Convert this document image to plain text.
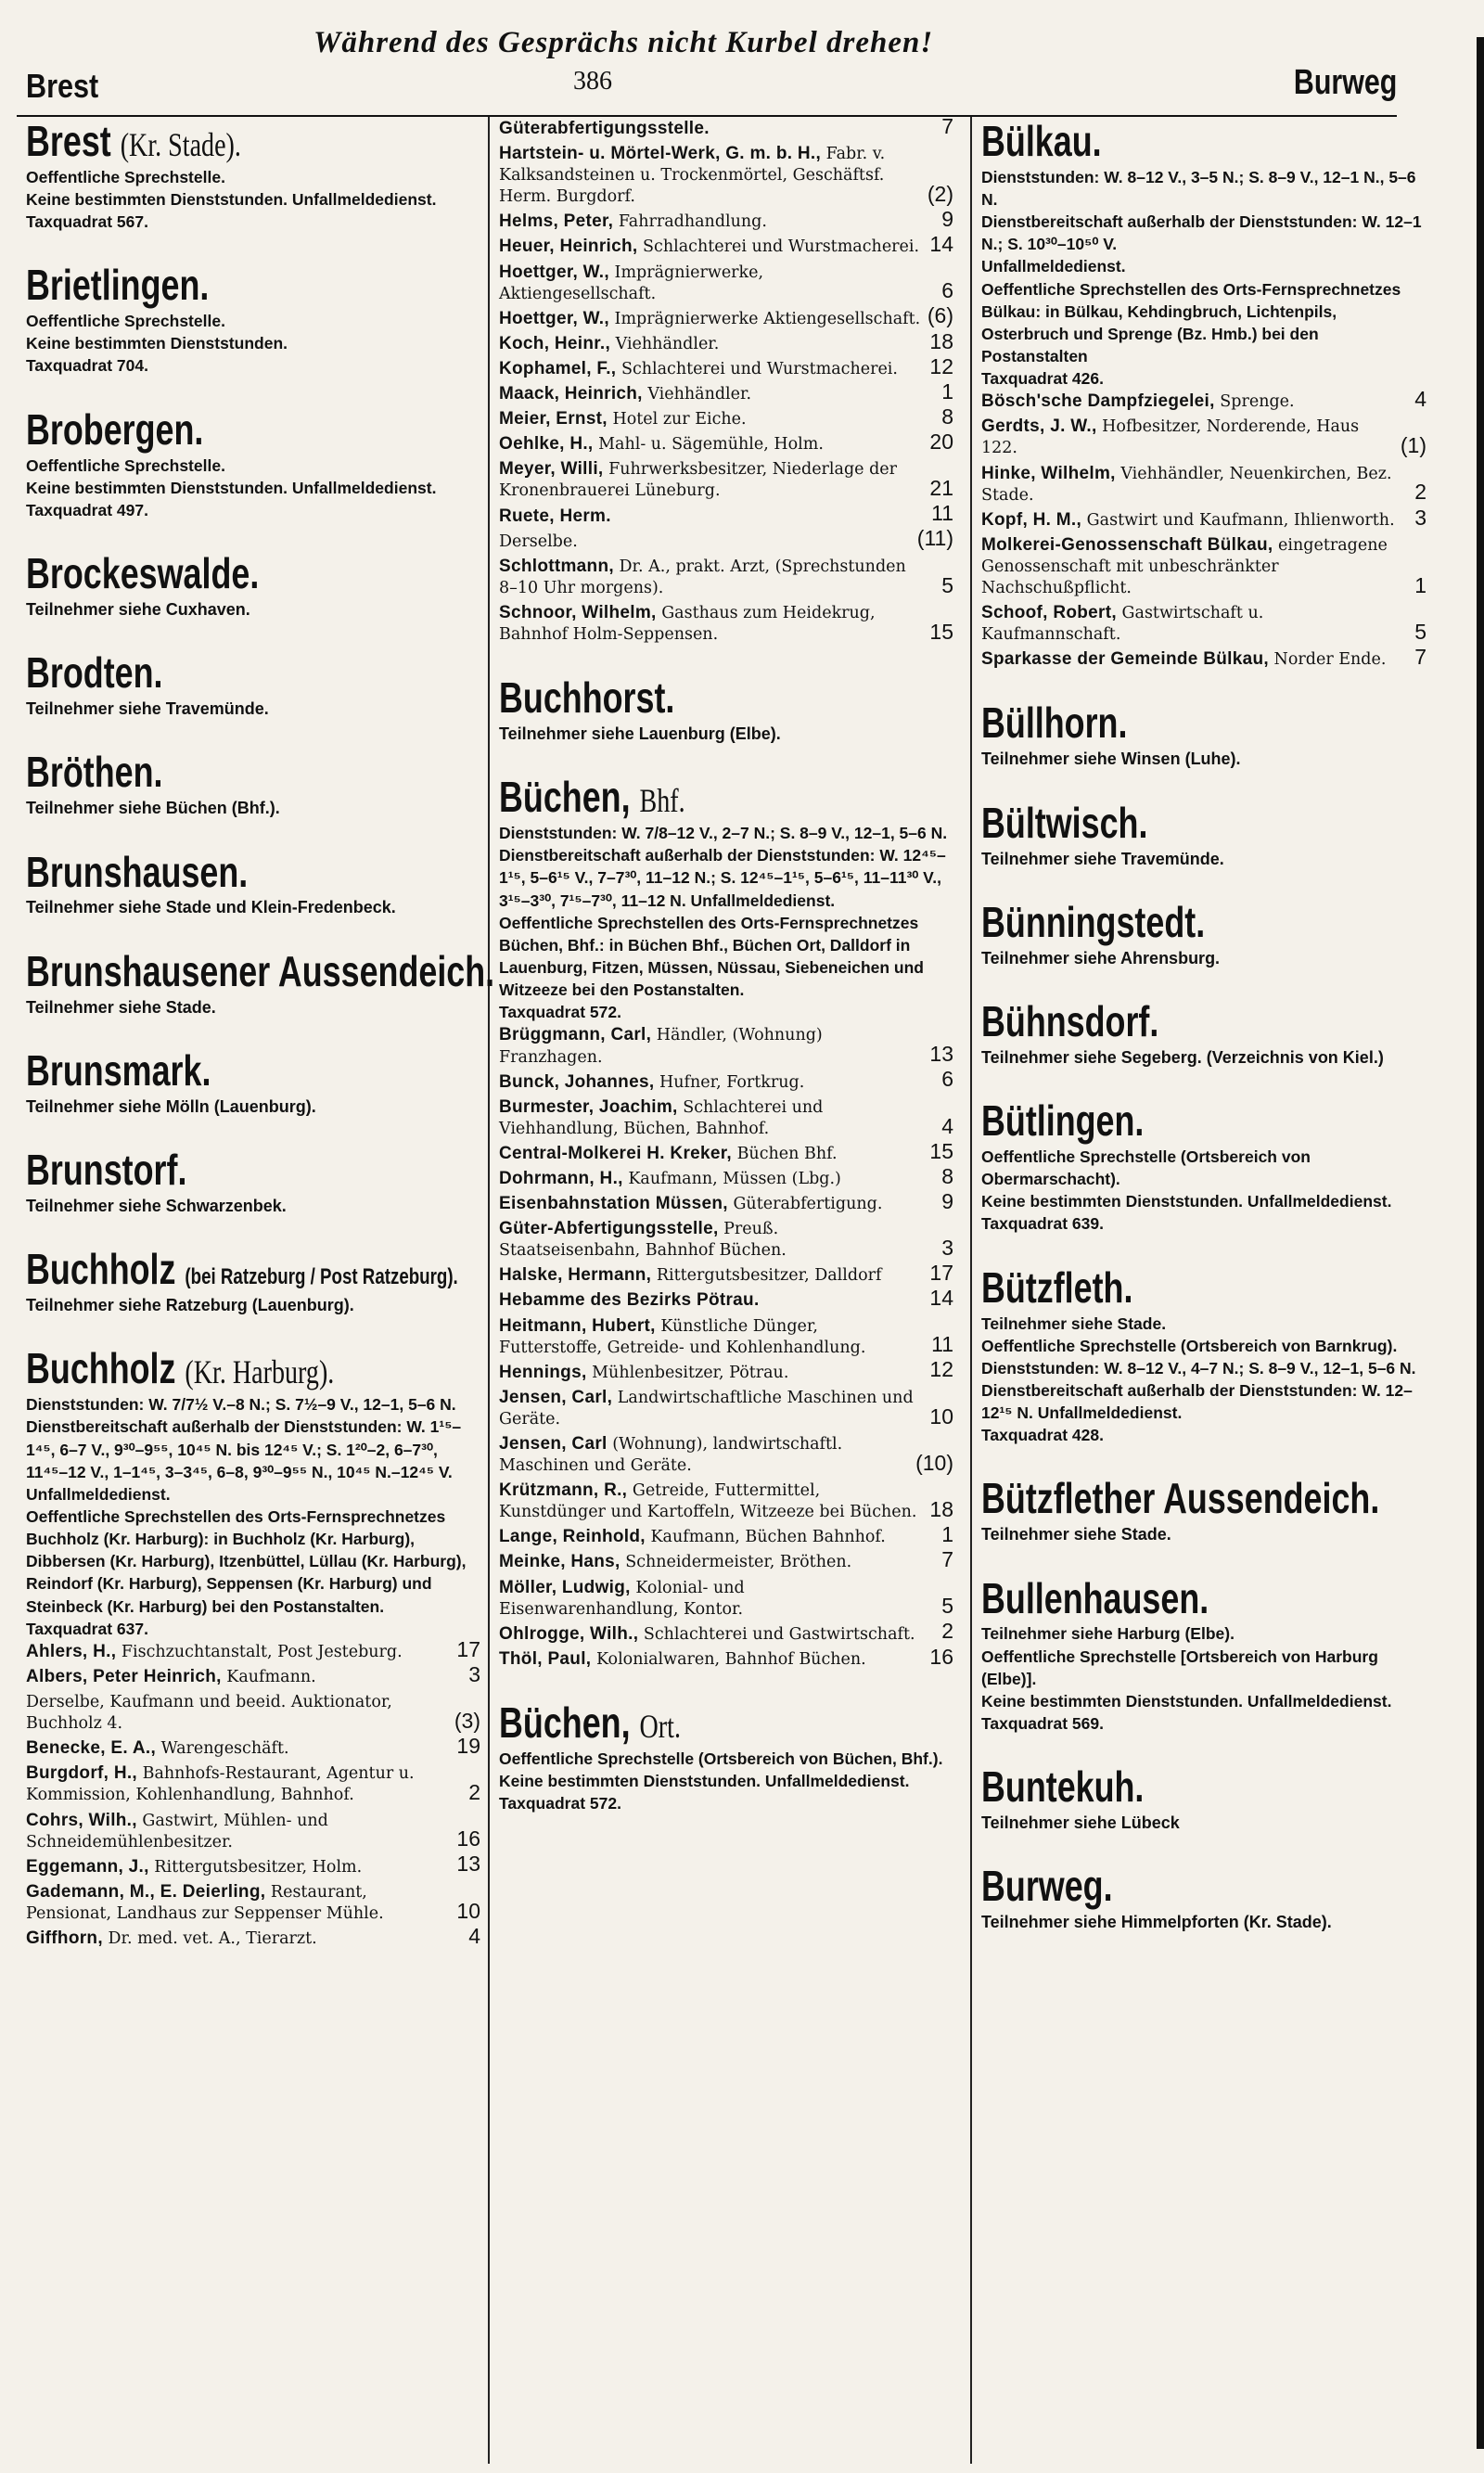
Brest
Während des Gesprächs nicht Kurbel drehen!
386	Burweg
Brest (Kr. Stade).
Oeffentliche Sprechstelle.
Keine bestimmten Dienststunden. Unfallmeldedienst.
Taxquadrat 567.
Brietlingen.
Oeffentliche Sprechstelle.
Keine bestimmten Dienststunden.
Taxquadrat 704.
Brobergen.
Oeffentliche Sprechstelle.
Keine bestimmten Dienststunden. Unfallmeldedienst.
Taxquadrat 497.
Brockeswalde.
Teilnehmer siehe Cuxhaven.
Brodten.
Teilnehmer siehe Travemünde.
Bröthen.
Teilnehmer siehe Büchen (Bhf.).
Brunshausen.
Teilnehmer siehe Stade und Klein-Fredenbeck.
Brunshausener Aussendeich.
Teilnehmer siehe Stade.
Brunsmark.
Teilnehmer siehe Mölln (Lauenburg).
Brunstorf.
Teilnehmer siehe Schwarzenbek.
Buchholz (bei Ratzeburg / Post Ratzeburg).
Teilnehmer siehe Ratzeburg (Lauenburg).
Buchholz (Kr. Harburg).
Dienststunden: W. 7/7½ V.–8 N.; S. 7½–9 V., 12–1, 5–6 N.
Dienstbereitschaft außerhalb der Dienststunden: W. 1¹⁵–1⁴⁵, 6–7 V., 9³⁰–9⁵⁵, 10⁴⁵ N. bis 12⁴⁵ V.; S. 1²⁰–2, 6–7³⁰, 11⁴⁵–12 V., 1–1⁴⁵, 3–3⁴⁵, 6–8, 9³⁰–9⁵⁵ N., 10⁴⁵ N.–12⁴⁵ V. Unfallmeldedienst.
Oeffentliche Sprechstellen des Orts-Fernsprechnetzes Buchholz (Kr. Harburg): in Buchholz (Kr. Harburg), Dibbersen (Kr. Harburg), Itzenbüttel, Lüllau (Kr. Harburg), Reindorf (Kr. Harburg), Seppensen (Kr. Harburg) und Steinbeck (Kr. Harburg) bei den Postanstalten.
Taxquadrat 637.
Ahlers, H., Fischzuchtanstalt, Post Jesteburg.	17
Albers, Peter Heinrich, Kaufmann.	3
Derselbe, Kaufmann und beeid. Auktionator, Buchholz 4.	(3)
Benecke, E. A., Warengeschäft.	19
Burgdorf, H., Bahnhofs-Restaurant, Agentur u. Kommission, Kohlenhandlung, Bahnhof.	2
Cohrs, Wilh., Gastwirt, Mühlen- und Schneidemühlenbesitzer.	16
Eggemann, J., Rittergutsbesitzer, Holm.	13
Gademann, M., E. Deierling, Restaurant, Pensionat, Landhaus zur Seppenser Mühle.	10
Giffhorn, Dr. med. vet. A., Tierarzt.	4
Güterabfertigungsstelle.	7
Hartstein- u. Mörtel-Werk, G. m. b. H., Fabr. v. Kalksandsteinen u. Trockenmörtel, Geschäftsf. Herm. Burgdorf.	(2)
Helms, Peter, Fahrradhandlung.	9
Heuer, Heinrich, Schlachterei und Wurstmacherei. 14
Hoettger, W., Imprägnierwerke, Aktiengesellschaft.	6
Hoettger, W., Imprägnierwerke Aktiengesellschaft. (6)
Koch, Heinr., Viehhändler.	18
Kophamel, F., Schlachterei und Wurstmacherei. 12
Maack, Heinrich, Viehhändler.	1
Meier, Ernst, Hotel zur Eiche.	8
Oehlke, H., Mahl- u. Sägemühle, Holm.	20
Meyer, Willi, Fuhrwerksbesitzer, Niederlage der Kronenbrauerei Lüneburg.	21
Ruete, Herm.	11
Derselbe.	(11)
Schlottmann, Dr. A., prakt. Arzt, (Sprechstunden 8–10 Uhr morgens).	5
Schnoor, Wilhelm, Gasthaus zum Heidekrug, Bahnhof Holm-Seppensen.	15
Buchhorst.
Teilnehmer siehe Lauenburg (Elbe).
Büchen, Bhf.
Dienststunden: W. 7/8–12 V., 2–7 N.; S. 8–9 V., 12–1, 5–6 N.
Dienstbereitschaft außerhalb der Dienststunden: W. 12⁴⁵–1¹⁵, 5–6¹⁵ V., 7–7³⁰, 11–12 N.; S. 12⁴⁵–1¹⁵, 5–6¹⁵, 11–11³⁰ V., 3¹⁵–3³⁰, 7¹⁵–7³⁰, 11–12 N. Unfallmeldedienst.
Oeffentliche Sprechstellen des Orts-Fernsprechnetzes Büchen, Bhf.: in Büchen Bhf., Büchen Ort, Dalldorf in Lauenburg, Fitzen, Müssen, Nüssau, Siebeneichen und Witzeeze bei den Postanstalten.
Taxquadrat 572.
Brüggmann, Carl, Händler, (Wohnung) Franzhagen.	13
Bunck, Johannes, Hufner, Fortkrug.	6
Burmester, Joachim, Schlachterei und Viehhandlung, Büchen, Bahnhof.	4
Central-Molkerei H. Kreker, Büchen Bhf.	15
Dohrmann, H., Kaufmann, Müssen (Lbg.)	8
Eisenbahnstation Müssen, Güterabfertigung.	9
Güter-Abfertigungsstelle, Preuß. Staatseisenbahn, Bahnhof Büchen.	3
Halske, Hermann, Rittergutsbesitzer, Dalldorf 17
Hebamme des Bezirks Pötrau.	14
Heitmann, Hubert, Künstliche Dünger, Futterstoffe, Getreide- und Kohlenhandlung.	11
Hennings, Mühlenbesitzer, Pötrau.	12
Jensen, Carl, Landwirtschaftliche Maschinen und Geräte.	10
Jensen, Carl (Wohnung), landwirtschaftl. Maschinen und Geräte.	(10)
Krützmann, R., Getreide, Futtermittel, Kunstdünger und Kartoffeln, Witzeeze bei Büchen. 18
Lange, Reinhold, Kaufmann, Büchen Bahnhof.	1
Meinke, Hans, Schneidermeister, Bröthen.	7
Möller, Ludwig, Kolonial- und Eisenwarenhandlung, Kontor.	5
Ohlrogge, Wilh., Schlachterei und Gastwirtschaft. 2
Thöl, Paul, Kolonialwaren, Bahnhof Büchen.	16
Büchen, Ort.
Oeffentliche Sprechstelle (Ortsbereich von Büchen, Bhf.).
Keine bestimmten Dienststunden. Unfallmeldedienst.
Taxquadrat 572.
Bülkau.
Dienststunden: W. 8–12 V., 3–5 N.; S. 8–9 V., 12–1 N., 5–6 N.
Dienstbereitschaft außerhalb der Dienststunden: W. 12–1 N.; S. 10³⁰–10⁵⁰ V.
Unfallmeldedienst.
Oeffentliche Sprechstellen des Orts-Fernsprechnetzes Bülkau: in Bülkau, Kehdingbruch, Lichtenpils, Osterbruch und Sprenge (Bz. Hmb.) bei den Postanstalten
Taxquadrat 426.
Bösch'sche Dampfziegelei, Sprenge.	4
Gerdts, J. W., Hofbesitzer, Norderende, Haus 122.	(1)
Hinke, Wilhelm, Viehhändler, Neuenkirchen, Bez. Stade.	2
Kopf, H. M., Gastwirt und Kaufmann, Ihlienworth. 3
Molkerei-Genossenschaft Bülkau, eingetragene Genossenschaft mit unbeschränkter Nachschußpflicht.	1
Schoof, Robert, Gastwirtschaft u. Kaufmannschaft.	5
Sparkasse der Gemeinde Bülkau, Norder Ende. 7
Büllhorn.
Teilnehmer siehe Winsen (Luhe).
Bültwisch.
Teilnehmer siehe Travemünde.
Bünningstedt.
Teilnehmer siehe Ahrensburg.
Bühnsdorf.
Teilnehmer siehe Segeberg. (Verzeichnis von Kiel.)
Bütlingen.
Oeffentliche Sprechstelle (Ortsbereich von Obermarschacht).
Keine bestimmten Dienststunden. Unfallmeldedienst.
Taxquadrat 639.
Bützfleth.
Teilnehmer siehe Stade.
Oeffentliche Sprechstelle (Ortsbereich von Barnkrug).
Dienststunden: W. 8–12 V., 4–7 N.; S. 8–9 V., 12–1, 5–6 N.
Dienstbereitschaft außerhalb der Dienststunden: W. 12–12¹⁵ N. Unfallmeldedienst.
Taxquadrat 428.
Bützflether Aussendeich.
Teilnehmer siehe Stade.
Bullenhausen.
Teilnehmer siehe Harburg (Elbe).
Oeffentliche Sprechstelle [Ortsbereich von Harburg (Elbe)].
Keine bestimmten Dienststunden. Unfallmeldedienst.
Taxquadrat 569.
Buntekuh.
Teilnehmer siehe Lübeck
Burweg.
Teilnehmer siehe Himmelpforten (Kr. Stade).
